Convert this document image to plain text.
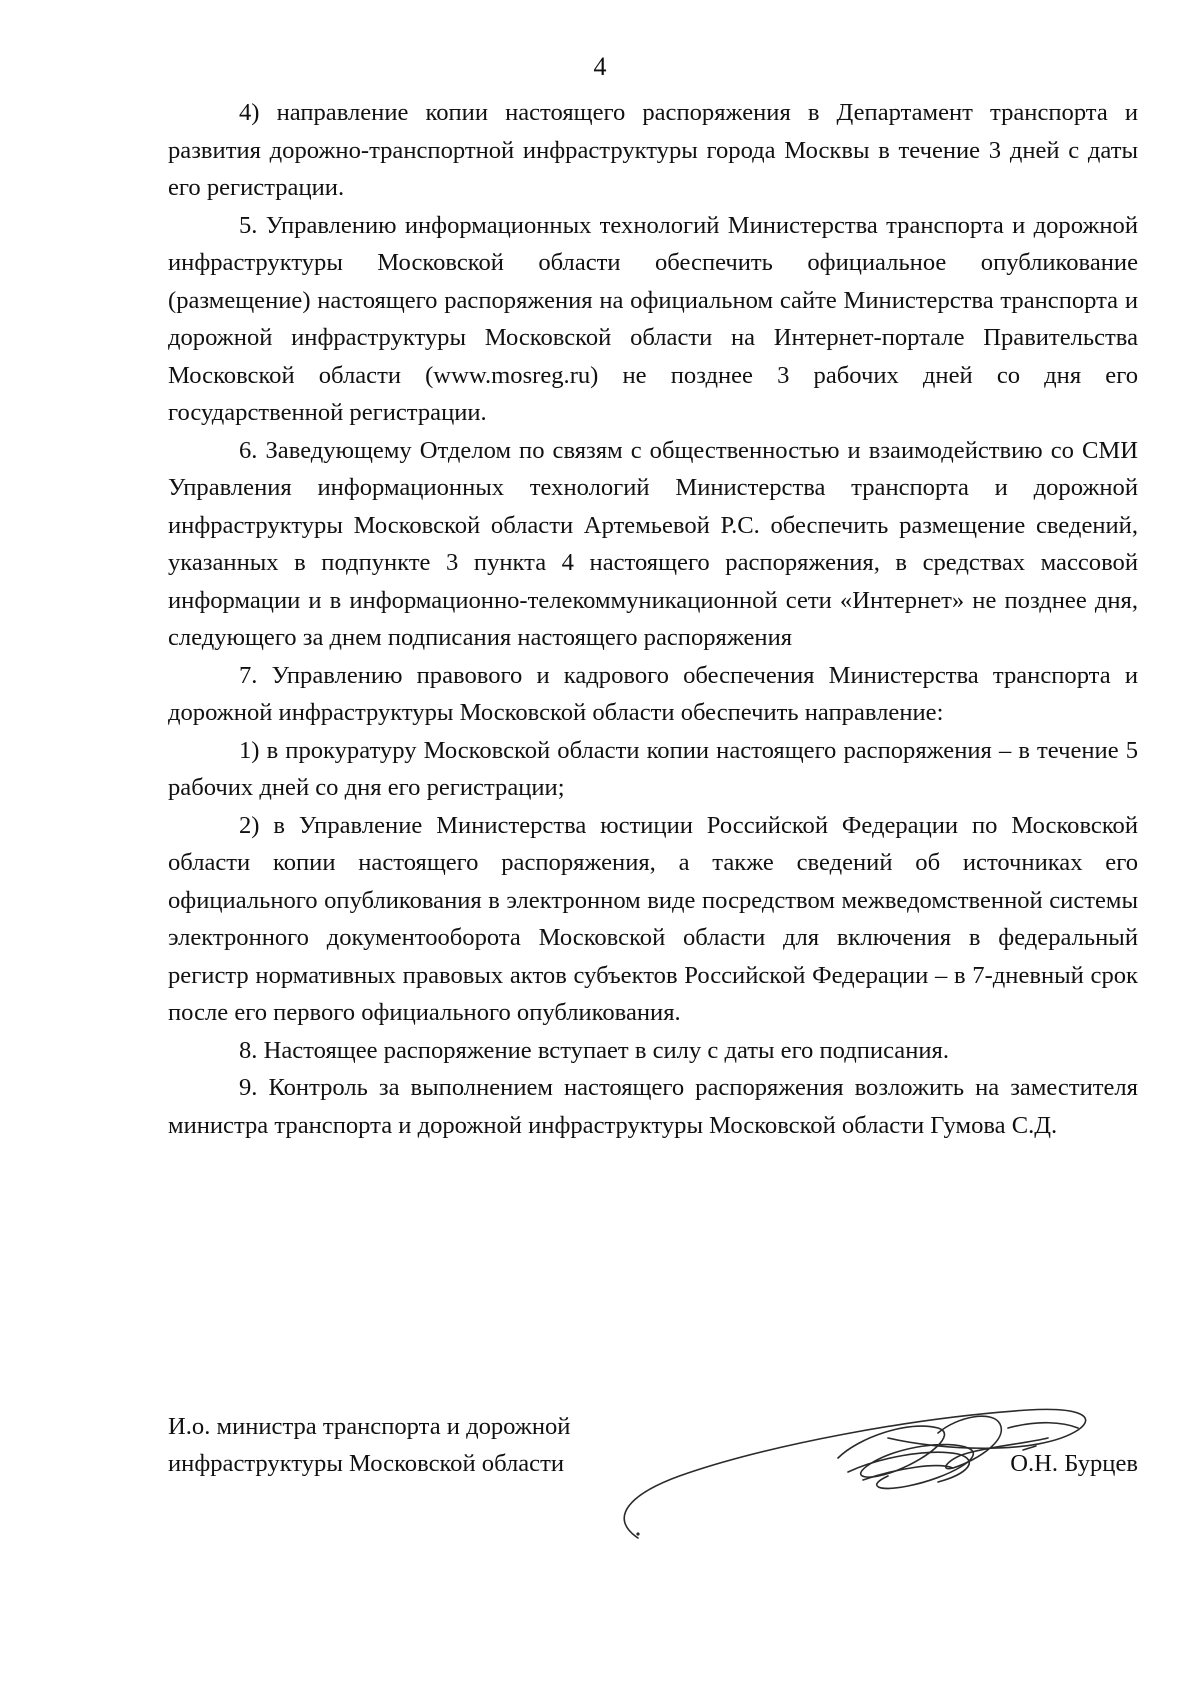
4

4) направление копии настоящего распоряжения в Департамент транспорта и развития дорожно-транспортной инфраструктуры города Москвы в течение 3 дней с даты его регистрации.

5. Управлению информационных технологий Министерства транспорта и дорожной инфраструктуры Московской области обеспечить официальное опубликование (размещение) настоящего распоряжения на официальном сайте Министерства транспорта и дорожной инфраструктуры Московской области на Интернет-портале Правительства Московской области (www.mosreg.ru) не позднее 3 рабочих дней со дня его государственной регистрации.

6. Заведующему Отделом по связям с общественностью и взаимодействию со СМИ Управления информационных технологий Министерства транспорта и дорожной инфраструктуры Московской области Артемьевой Р.С. обеспечить размещение сведений, указанных в подпункте 3 пункта 4 настоящего распоряжения, в средствах массовой информации и в информационно-телекоммуникационной сети «Интернет» не позднее дня, следующего за днем подписания настоящего распоряжения

7. Управлению правового и кадрового обеспечения Министерства транспорта и дорожной инфраструктуры Московской области обеспечить направление:

1) в прокуратуру Московской области копии настоящего распоряжения – в течение 5 рабочих дней со дня его регистрации;

2) в Управление Министерства юстиции Российской Федерации по Московской области копии настоящего распоряжения, а также сведений об источниках его официального опубликования в электронном виде посредством межведомственной системы электронного документооборота Московской области для включения в федеральный регистр нормативных правовых актов субъектов Российской Федерации – в 7-дневный срок после его первого официального опубликования.

8. Настоящее распоряжение вступает в силу с даты его подписания.

9. Контроль за выполнением настоящего распоряжения возложить на заместителя министра транспорта и дорожной инфраструктуры Московской области Гумова С.Д.

И.о. министра транспорта и дорожной
инфраструктуры Московской области	О.Н. Бурцев
